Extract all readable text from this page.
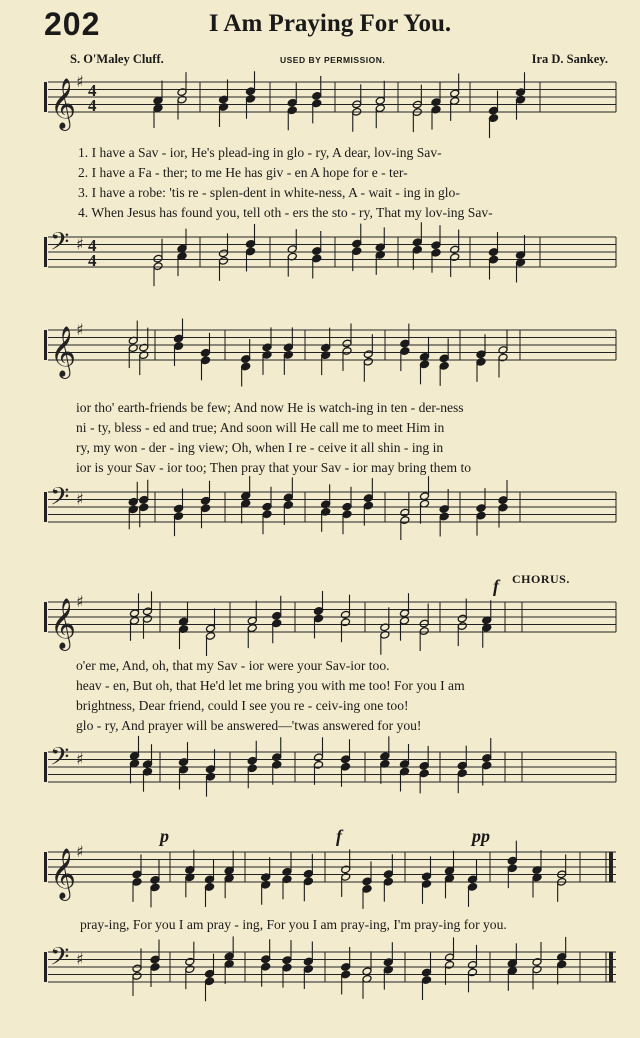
202	I Am Praying For You.
S. O'Maley Cluff.	USED BY PERMISSION.	Ira D. Sankey.
𝄞 ♯ 4
4
1. I have a Sav - ior, He's plead-ing in glo - ry, A dear, lov-ing Sav-
2. I have a Fa - ther; to me He has giv - en A hope for e - ter-
3. I have a robe: 'tis re - splen-dent in white-ness, A - wait - ing in glo-
4. When Jesus has found you, tell oth - ers the sto - ry, That my lov-ing Sav-
𝄢 ♯ 4
4
𝄞 ♯
ior tho' earth-friends be few; And now He is watch-ing in ten - der-ness
ni - ty, bless - ed and true; And soon will He call me to meet Him in
ry, my won - der - ing view; Oh, when I re - ceive it all shin - ing in
ior is your Sav - ior too; Then pray that your Sav - ior may bring them to
𝄢 ♯
f CHORUS.
𝄞 ♯
o'er me, And, oh, that my Sav - ior were your Sav-ior too.
heav - en, But oh, that He'd let me bring you with me too! For you I am
brightness, Dear friend, could I see you re - ceiv-ing one too!
glo - ry, And prayer will be answered—'twas answered for you!
𝄢 ♯
p	f	pp
𝄞 ♯
pray-ing, For you I am pray - ing, For you I am pray-ing, I'm pray-ing for you.
𝄢 ♯
